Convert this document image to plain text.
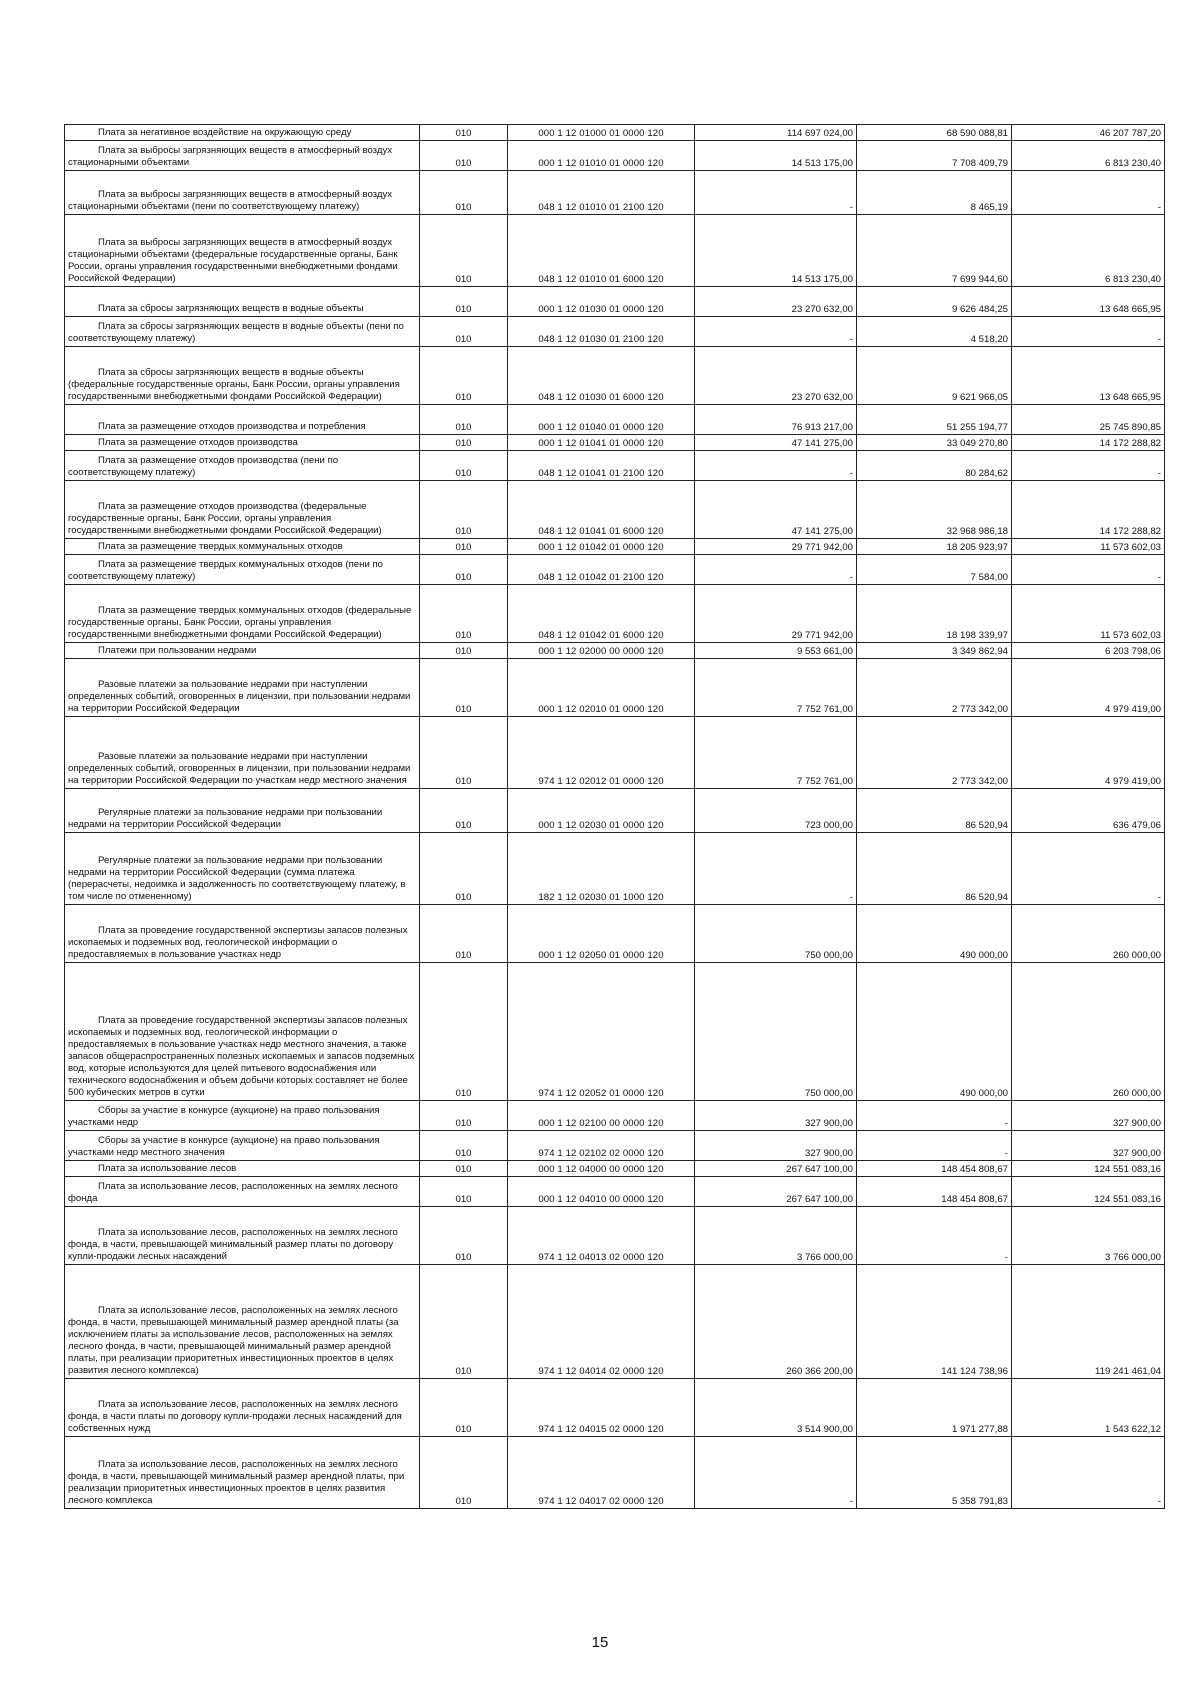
Плата за негативное воздействие на окружающую среду	010	000 1 12 01000 01 0000 120	114 697 024,00	68 590 088,81	46 207 787,20

Плата за выбросы загрязняющих веществ в атмосферный воздух стационарными объектами	010	000 1 12 01010 01 0000 120	14 513 175,00	7 708 409,79	6 813 230,40

Плата за выбросы загрязняющих веществ в атмосферный воздух стационарными объектами (пени по соответствующему платежу)	010	048 1 12 01010 01 2100 120	-	8 465,19	-

Плата за выбросы загрязняющих веществ в атмосферный воздух стационарными объектами (федеральные государственные органы, Банк России, органы управления государственными внебюджетными фондами Российской Федерации)	010	048 1 12 01010 01 6000 120	14 513 175,00	7 699 944,60	6 813 230,40

Плата за сбросы загрязняющих веществ в водные объекты	010	000 1 12 01030 01 0000 120	23 270 632,00	9 626 484,25	13 648 665,95

Плата за сбросы загрязняющих веществ в водные объекты (пени по соответствующему платежу)	010	048 1 12 01030 01 2100 120	-	4 518,20	-

Плата за сбросы загрязняющих веществ в водные объекты (федеральные государственные органы, Банк России, органы управления государственными внебюджетными фондами Российской Федерации)	010	048 1 12 01030 01 6000 120	23 270 632,00	9 621 966,05	13 648 665,95

Плата за размещение отходов производства и потребления	010	000 1 12 01040 01 0000 120	76 913 217,00	51 255 194,77	25 745 890,85

Плата за размещение отходов производства	010	000 1 12 01041 01 0000 120	47 141 275,00	33 049 270,80	14 172 288,82

Плата за размещение отходов производства (пени по соответствующему платежу)	010	048 1 12 01041 01 2100 120	-	80 284,62	-

Плата за размещение отходов производства (федеральные государственные органы, Банк России, органы управления государственными внебюджетными фондами Российской Федерации)	010	048 1 12 01041 01 6000 120	47 141 275,00	32 968 986,18	14 172 288,82

Плата за размещение твердых коммунальных отходов	010	000 1 12 01042 01 0000 120	29 771 942,00	18 205 923,97	11 573 602,03

Плата за размещение твердых коммунальных отходов (пени по соответствующему платежу)	010	048 1 12 01042 01 2100 120	-	7 584,00	-

Плата за размещение твердых коммунальных отходов (федеральные государственные органы, Банк России, органы управления государственными внебюджетными фондами Российской Федерации)	010	048 1 12 01042 01 6000 120	29 771 942,00	18 198 339,97	11 573 602,03

Платежи при пользовании недрами	010	000 1 12 02000 00 0000 120	9 553 661,00	3 349 862,94	6 203 798,06

Разовые платежи за пользование недрами при наступлении определенных событий, оговоренных в лицензии, при пользовании недрами на территории Российской Федерации	010	000 1 12 02010 01 0000 120	7 752 761,00	2 773 342,00	4 979 419,00

Разовые платежи за пользование недрами при наступлении определенных событий, оговоренных в лицензии, при пользовании недрами на территории Российской Федерации по участкам недр местного значения	010	974 1 12 02012 01 0000 120	7 752 761,00	2 773 342,00	4 979 419,00

Регулярные платежи за пользование недрами при пользовании недрами на территории Российской Федерации	010	000 1 12 02030 01 0000 120	723 000,00	86 520,94	636 479,06

Регулярные платежи за пользование недрами при пользовании недрами на территории Российской Федерации (сумма платежа (перерасчеты, недоимка и задолженность по соответствующему платежу, в том числе по отмененному)	010	182 1 12 02030 01 1000 120	-	86 520,94	-

Плата за проведение государственной экспертизы запасов полезных ископаемых и подземных вод, геологической информации о предоставляемых в пользование участках недр	010	000 1 12 02050 01 0000 120	750 000,00	490 000,00	260 000,00

Плата за проведение государственной экспертизы запасов полезных ископаемых и подземных вод, геологической информации о предоставляемых в пользование участках недр местного значения, а также запасов общераспространенных полезных ископаемых и запасов подземных вод, которые используются для целей питьевого водоснабжения или технического водоснабжения и объем добычи которых составляет не более 500 кубических метров в сутки	010	974 1 12 02052 01 0000 120	750 000,00	490 000,00	260 000,00

Сборы за участие в конкурсе (аукционе) на право пользования участками недр	010	000 1 12 02100 00 0000 120	327 900,00	-	327 900,00

Сборы за участие в конкурсе (аукционе) на право пользования участками недр местного значения	010	974 1 12 02102 02 0000 120	327 900,00	-	327 900,00

Плата за использование лесов	010	000 1 12 04000 00 0000 120	267 647 100,00	148 454 808,67	124 551 083,16

Плата за использование лесов, расположенных на землях лесного фонда	010	000 1 12 04010 00 0000 120	267 647 100,00	148 454 808,67	124 551 083,16

Плата за использование лесов, расположенных на землях лесного фонда, в части, превышающей минимальный размер платы по договору купли-продажи лесных насаждений	010	974 1 12 04013 02 0000 120	3 766 000,00	-	3 766 000,00

Плата за использование лесов, расположенных на землях лесного фонда, в части, превышающей минимальный размер арендной платы (за исключением платы за использование лесов, расположенных на землях лесного фонда, в части, превышающей минимальный размер арендной платы, при реализации приоритетных инвестиционных проектов в целях развития лесного комплекса)	010	974 1 12 04014 02 0000 120	260 366 200,00	141 124 738,96	119 241 461,04

Плата за использование лесов, расположенных на землях лесного фонда, в части платы по договору купли-продажи лесных насаждений для собственных нужд	010	974 1 12 04015 02 0000 120	3 514 900,00	1 971 277,88	1 543 622,12

Плата за использование лесов, расположенных на землях лесного фонда, в части, превышающей минимальный размер арендной платы, при реализации приоритетных инвестиционных проектов в целях развития лесного комплекса	010	974 1 12 04017 02 0000 120	-	5 358 791,83	-
15
